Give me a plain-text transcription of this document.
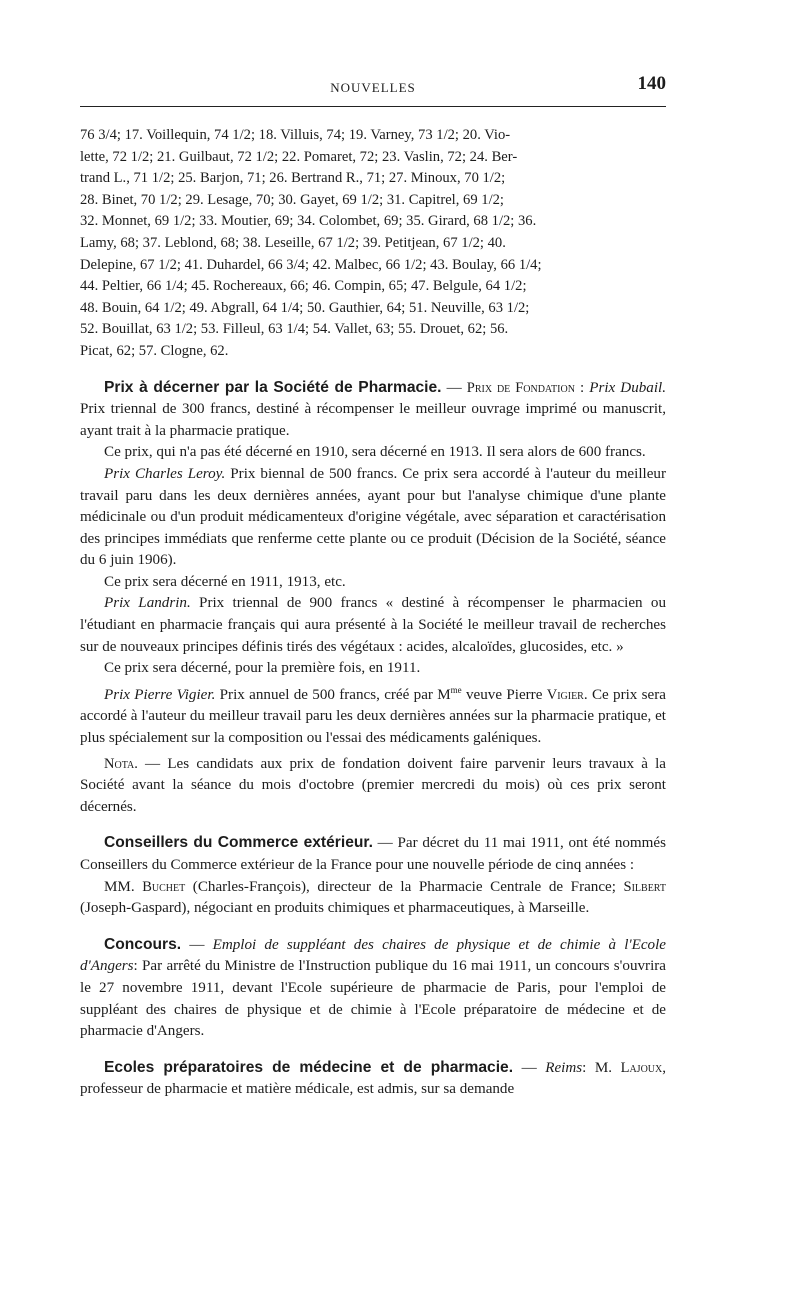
NOUVELLES	140

76 3/4; 17. Voillequin, 74 1/2; 18. Villuis, 74; 19. Varney, 73 1/2; 20. Vio-

lette, 72 1/2; 21. Guilbaut, 72 1/2; 22. Pomaret, 72; 23. Vaslin, 72; 24. Ber-

trand L., 71 1/2; 25. Barjon, 71; 26. Bertrand R., 71; 27. Minoux, 70 1/2;

28. Binet, 70 1/2; 29. Lesage, 70; 30. Gayet, 69 1/2; 31. Capitrel, 69 1/2;

32. Monnet, 69 1/2; 33. Moutier, 69; 34. Colombet, 69; 35. Girard, 68 1/2; 36.

Lamy, 68; 37. Leblond, 68; 38. Leseille, 67 1/2; 39. Petitjean, 67 1/2; 40.

Delepine, 67 1/2; 41. Duhardel, 66 3/4; 42. Malbec, 66 1/2; 43. Boulay, 66 1/4;

44. Peltier, 66 1/4; 45. Rochereaux, 66; 46. Compin, 65; 47. Belgule, 64 1/2;

48. Bouin, 64 1/2; 49. Abgrall, 64 1/4; 50. Gauthier, 64; 51. Neuville, 63 1/2;

52. Bouillat, 63 1/2; 53. Filleul, 63 1/4; 54. Vallet, 63; 55. Drouet, 62; 56.

Picat, 62; 57. Clogne, 62.

Prix à décerner par la Société de Pharmacie. — Prix de Fondation : Prix Dubail. Prix triennal de 300 francs, destiné à récompenser le meilleur ouvrage imprimé ou manuscrit, ayant trait à la pharmacie pratique.

Ce prix, qui n'a pas été décerné en 1910, sera décerné en 1913. Il sera alors de 600 francs.

Prix Charles Leroy. Prix biennal de 500 francs. Ce prix sera accordé à l'auteur du meilleur travail paru dans les deux dernières années, ayant pour but l'analyse chimique d'une plante médicinale ou d'un produit médicamenteux d'origine végétale, avec séparation et caractérisation des principes immédiats que renferme cette plante ou ce produit (Décision de la Société, séance du 6 juin 1906).

Ce prix sera décerné en 1911, 1913, etc.

Prix Landrin. Prix triennal de 900 francs « destiné à récompenser le pharmacien ou l'étudiant en pharmacie français qui aura présenté à la Société le meilleur travail de recherches sur de nouveaux principes définis tirés des végétaux : acides, alcaloïdes, glucosides, etc. »

Ce prix sera décerné, pour la première fois, en 1911.

Prix Pierre Vigier. Prix annuel de 500 francs, créé par $M^{me}$ veuve Pierre Vigier. Ce prix sera accordé à l'auteur du meilleur travail paru les deux dernières années sur la pharmacie pratique, et plus spécialement sur la composition ou l'essai des médicaments galéniques.

Nota. — Les candidats aux prix de fondation doivent faire parvenir leurs travaux à la Société avant la séance du mois d'octobre (premier mercredi du mois) où ces prix seront décernés.

Conseillers du Commerce extérieur. — Par décret du 11 mai 1911, ont été nommés Conseillers du Commerce extérieur de la France pour une nouvelle période de cinq années :

MM. Buchet (Charles-François), directeur de la Pharmacie Centrale de France; Silbert (Joseph-Gaspard), négociant en produits chimiques et pharmaceutiques, à Marseille.

Concours. — Emploi de suppléant des chaires de physique et de chimie à l'Ecole d'Angers: Par arrêté du Ministre de l'Instruction publique du 16 mai 1911, un concours s'ouvrira le 27 novembre 1911, devant l'Ecole supérieure de pharmacie de Paris, pour l'emploi de suppléant des chaires de physique et de chimie à l'Ecole préparatoire de médecine et de pharmacie d'Angers.

Ecoles préparatoires de médecine et de pharmacie. — Reims: M. Lajoux, professeur de pharmacie et matière médicale, est admis, sur sa demande
